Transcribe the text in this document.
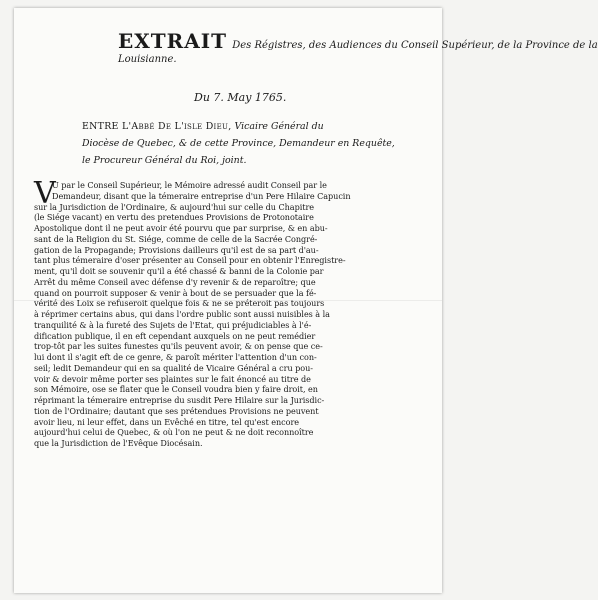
EXTRAIT Des Régistres, des Audiences du Conseil Supérieur, de la Province de la
Louisianne.
Du 7. May 1765.
ENTRE L'Abbé De L'isle Dieu, Vicaire Général du
Diocèse de Quebec, & de cette Province, Demandeur en Requête,
le Procureur Général du Roi, joint.
V
U par le Conseil Supérieur, le Mémoire adressé audit Conseil par le
Demandeur, disant que la témeraire entreprise d'un Pere Hilaire Capucin
sur la Jurisdiction de l'Ordinaire, & aujourd'hui sur celle du Chapitre
(le Siége vacant) en vertu des pretendues Provisions de Protonotaire
Apostolique dont il ne peut avoir été pourvu que par surprise, & en abu-
sant de la Religion du St. Siége, comme de celle de la Sacrée Congré-
gation de la Propagande; Provisions dailleurs qu'il est de sa part d'au-
tant plus témeraire d'oser présenter au Conseil pour en obtenir l'Enregistre-
ment, qu'il doit se souvenir qu'il a été chassé & banni de la Colonie par
Arrêt du même Conseil avec défense d'y revenir & de reparoître; que
quand on pourroit supposer & venir à bout de se persuader que la fé-
vérité des Loix se refuseroit quelque fois & ne se préteroit pas toujours
à réprimer certains abus, qui dans l'ordre public sont aussi nuisibles à la
tranquilité & à la fureté des Sujets de l'Etat, qui préjudiciables à l'é-
dification publique, il en eft cependant auxquels on ne peut remédier
trop-tôt par les suites funestes qu'ils peuvent avoir, & on pense que ce-
lui dont il s'agit eft de ce genre, & paroît mériter l'attention d'un con-
seil; ledit Demandeur qui en sa qualité de Vicaire Général a cru pou-
voir & devoir même porter ses plaintes sur le fait énoncé au titre de
son Mémoire, ose se flater que le Conseil voudra bien y faire droit, en
réprimant la témeraire entreprise du susdit Pere Hilaire sur la Jurisdic-
tion de l'Ordinaire; dautant que ses prétendues Provisions ne peuvent
avoir lieu, ni leur effet, dans un Evêché en titre, tel qu'est encore
aujourd'hui celui de Quebec, & où l'on ne peut & ne doit reconnoître
que la Jurisdiction de l'Evêque Diocésain.
